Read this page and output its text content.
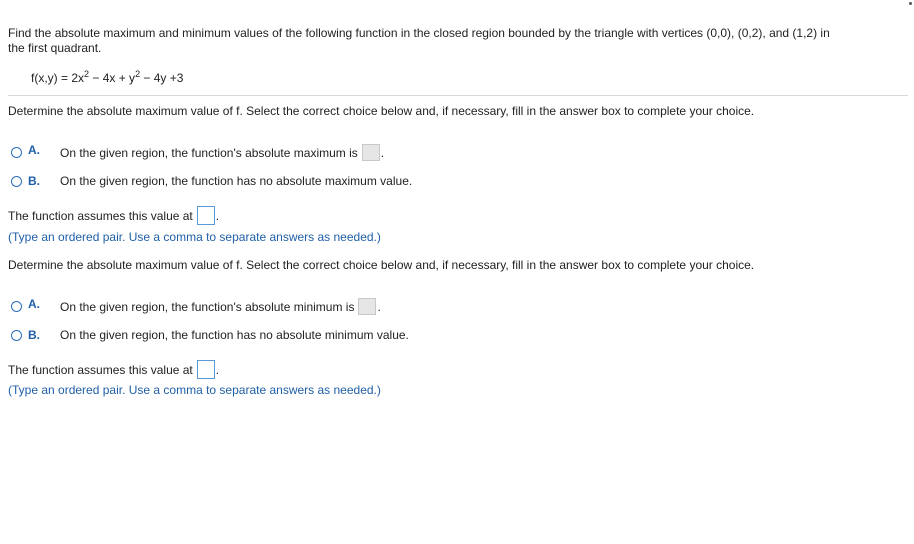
Find the absolute maximum and minimum values of the following function in the closed region bounded by the triangle with vertices (0,0), (0,2), and (1,2) in
the first quadrant.
$f(x,y) = 2x^2 - 4x + y^2 - 4y +3$
Determine the absolute maximum value of f. Select the correct choice below and, if necessary, fill in the answer box to complete your choice.
A.	On the given region, the function's absolute maximum is .
B.	On the given region, the function has no absolute maximum value.
The function assumes this value at .
(Type an ordered pair. Use a comma to separate answers as needed.)
Determine the absolute maximum value of f. Select the correct choice below and, if necessary, fill in the answer box to complete your choice.
A.	On the given region, the function's absolute minimum is .
B.	On the given region, the function has no absolute minimum value.
The function assumes this value at .
(Type an ordered pair. Use a comma to separate answers as needed.)
